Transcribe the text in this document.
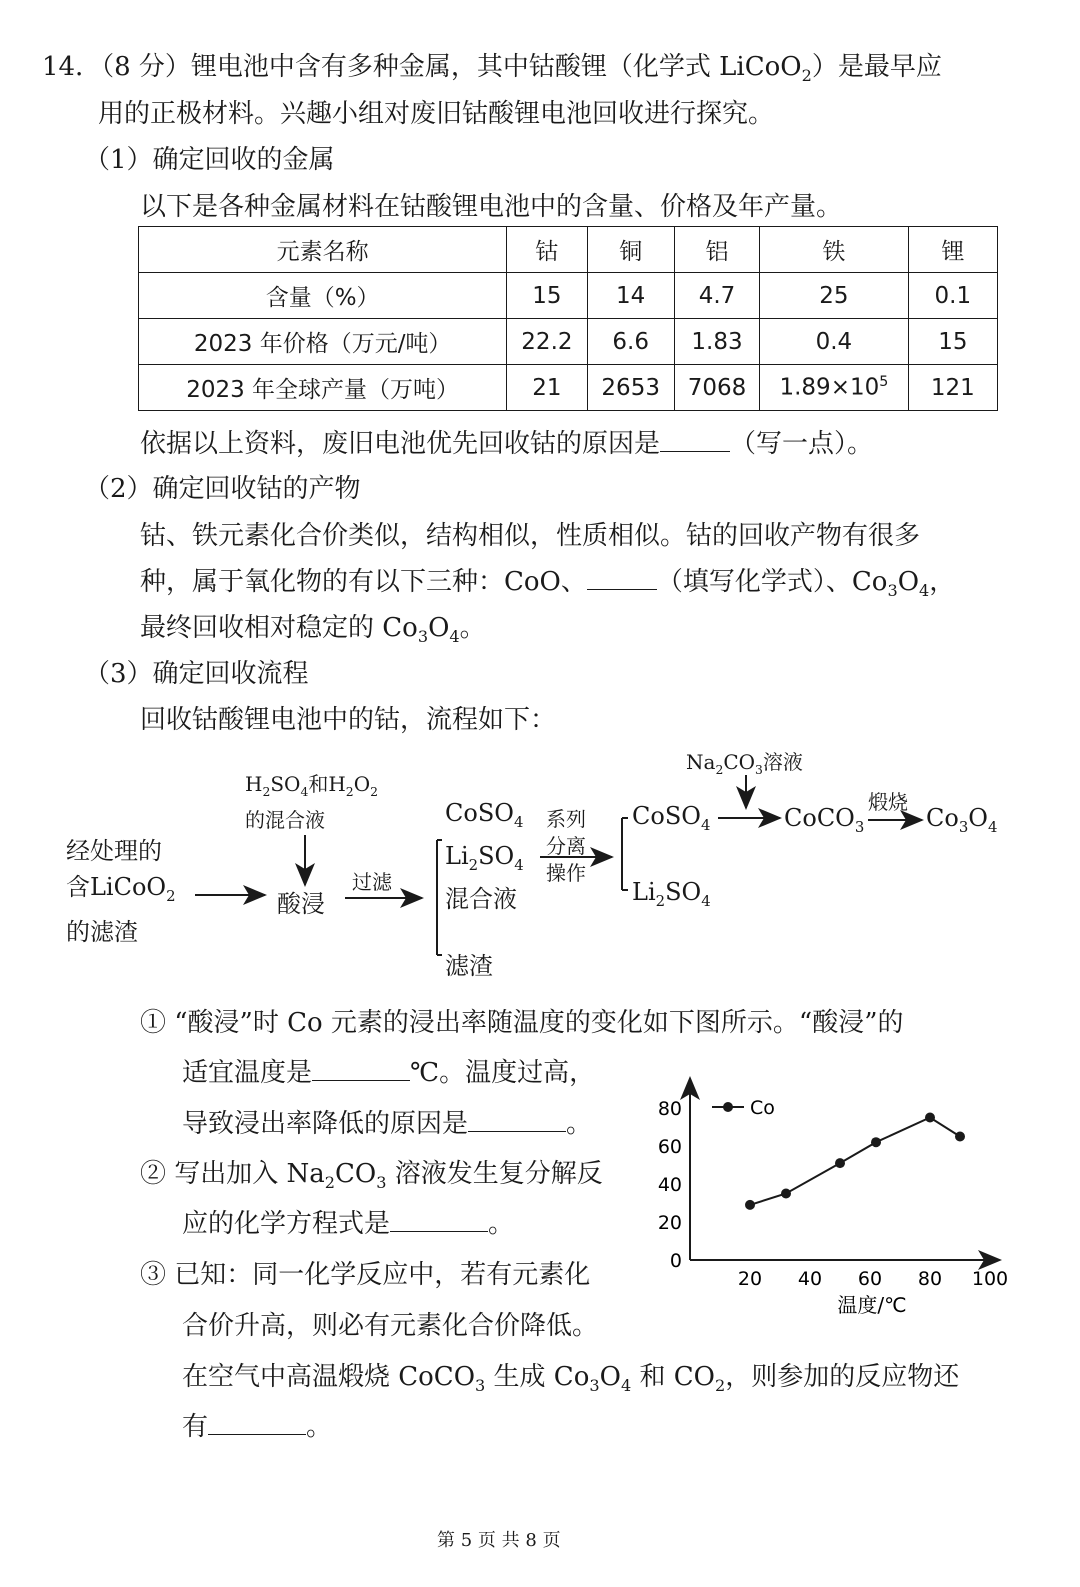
14．（8 分）锂电池中含有多种金属，其中钴酸锂（化学式 LiCoO$_2$）是最早应
用的正极材料。兴趣小组对废旧钴酸锂电池回收进行探究。
（1）确定回收的金属
以下是各种金属材料在钴酸锂电池中的含量、价格及年产量。
元素名称	钴	铜	铝	铁	锂
含量（%）	15	14	4.7	25	0.1
2023 年价格（万元/吨）	22.2	6.6	1.83	0.4	15
2023 年全球产量（万吨）	21	2653	7068	$1.89\times 10^5$	121
依据以上资料，废旧电池优先回收钴的原因是	（写一点）。
（2）确定回收钴的产物
钴、铁元素化合价类似，结构相似，性质相似。钴的回收产物有很多
种，属于氧化物的有以下三种：CoO、	（填写化学式）、$Co_3O_4$，
最终回收相对稳定的 $Co_3O_4$。
（3）确定回收流程
回收钴酸锂电池中的钴，流程如下：
经处理的
含LiCoO$_2$
的滤渣
$H_2SO_4$和$H_2O_2$
的混合液
酸浸
过滤
CoSO$_4$
$Li_2SO_4$
混合液
系列
分离
操作
滤渣
CoSO$_4$
$Li_2SO_4$
$Na_2CO_3$溶液
CoCO$_3$
煅烧
$Co_3O_4$
① “酸浸”时 Co 元素的浸出率随温度的变化如下图所示。“酸浸”的
适宜温度是	℃。温度过高，
导致浸出率降低的原因是	。
② 写出加入 $Na_2CO_3$ 溶液发生复分解反
应的化学方程式是	。
③ 已知：同一化学反应中，若有元素化
合价升高，则必有元素化合价降低。
在空气中高温煅烧 CoCO$_3$ 生成 $Co_3O_4$ 和 $CO_2$，则参加的反应物还
有	。
20 40 60 80 100
0
20
40
60
80	Co
温度/℃
第 5 页 共 8 页
